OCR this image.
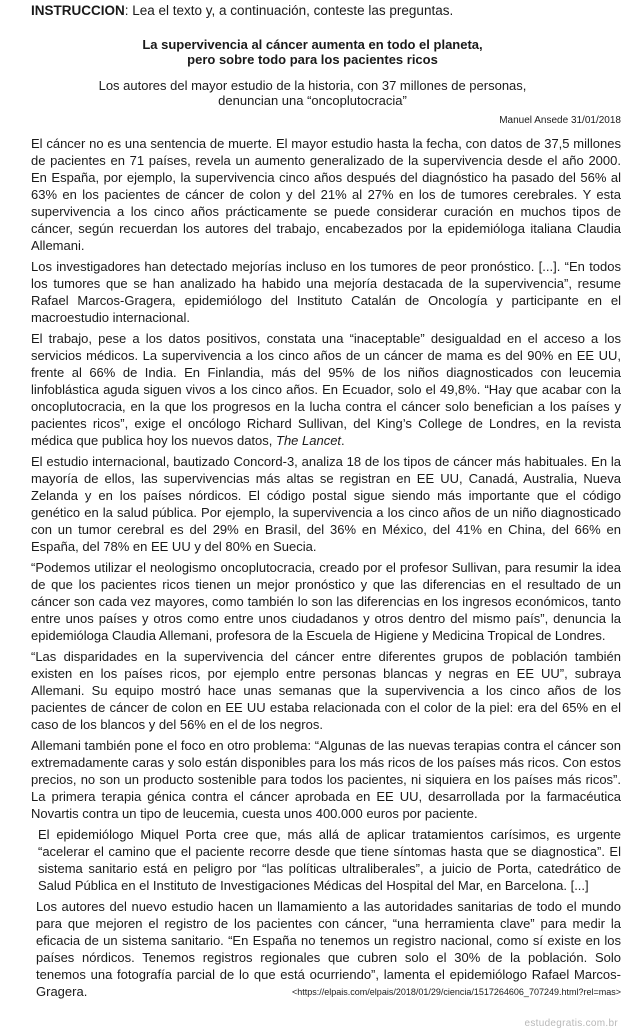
INSTRUCCION: Lea el texto y, a continuación, conteste las preguntas.
La supervivencia al cáncer aumenta en todo el planeta,
pero sobre todo para los pacientes ricos
Los autores del mayor estudio de la historia, con 37 millones de personas,
denuncian una “oncoplutocracia”
Manuel Ansede 31/01/2018

El cáncer no es una sentencia de muerte. El mayor estudio hasta la fecha, con datos de 37,5 millones de pacientes en 71 países, revela un aumento generalizado de la supervivencia desde el año 2000. En España, por ejemplo, la supervivencia cinco años después del diagnóstico ha pasado del 56% al 63% en los pacientes de cáncer de colon y del 21% al 27% en los de tumores cerebrales. Y esta supervivencia a los cinco años prácticamente se puede considerar curación en muchos tipos de cáncer, según recuerdan los autores del trabajo, encabezados por la epidemióloga italiana Claudia Allemani.

Los investigadores han detectado mejorías incluso en los tumores de peor pronóstico. [...]. “En todos los tumores que se han analizado ha habido una mejoría destacada de la supervivencia”, resume Rafael Marcos-Gragera, epidemiólogo del Instituto Catalán de Oncología y participante en el macroestudio internacional.

El trabajo, pese a los datos positivos, constata una “inaceptable” desigualdad en el acceso a los servicios médicos. La supervivencia a los cinco años de un cáncer de mama es del 90% en EE UU, frente al 66% de India. En Finlandia, más del 95% de los niños diagnosticados con leucemia linfoblástica aguda siguen vivos a los cinco años. En Ecuador, solo el 49,8%. “Hay que acabar con la oncoplutocracia, en la que los progresos en la lucha contra el cáncer solo benefician a los países y pacientes ricos”, exige el oncólogo Richard Sullivan, del King’s College de Londres, en la revista médica que publica hoy los nuevos datos, The Lancet.

El estudio internacional, bautizado Concord-3, analiza 18 de los tipos de cáncer más habituales. En la mayoría de ellos, las supervivencias más altas se registran en EE UU, Canadá, Australia, Nueva Zelanda y en los países nórdicos. El código postal sigue siendo más importante que el código genético en la salud pública. Por ejemplo, la supervivencia a los cinco años de un niño diagnosticado con un tumor cerebral es del 29% en Brasil, del 36% en México, del 41% en China, del 66% en España, del 78% en EE UU y del 80% en Suecia.

“Podemos utilizar el neologismo oncoplutocracia, creado por el profesor Sullivan, para resumir la idea de que los pacientes ricos tienen un mejor pronóstico y que las diferencias en el resultado de un cáncer son cada vez mayores, como también lo son las diferencias en los ingresos económicos, tanto entre unos países y otros como entre unos ciudadanos y otros dentro del mismo país”, denuncia la epidemióloga Claudia Allemani, profesora de la Escuela de Higiene y Medicina Tropical de Londres.

“Las disparidades en la supervivencia del cáncer entre diferentes grupos de población también existen en los países ricos, por ejemplo entre personas blancas y negras en EE UU”, subraya Allemani. Su equipo mostró hace unas semanas que la supervivencia a los cinco años de los pacientes de cáncer de colon en EE UU estaba relacionada con el color de la piel: era del 65% en el caso de los blancos y del 56% en el de los negros.

Allemani también pone el foco en otro problema: “Algunas de las nuevas terapias contra el cáncer son extremadamente caras y solo están disponibles para los más ricos de los países más ricos. Con estos precios, no son un producto sostenible para todos los pacientes, ni siquiera en los países más ricos”. La primera terapia génica contra el cáncer aprobada en EE UU, desarrollada por la farmacéutica Novartis contra un tipo de leucemia, cuesta unos 400.000 euros por paciente.

El epidemiólogo Miquel Porta cree que, más allá de aplicar tratamientos carísimos, es urgente “acelerar el camino que el paciente recorre desde que tiene síntomas hasta que se diagnostica”. El sistema sanitario está en peligro por “las políticas ultraliberales”, a juicio de Porta, catedrático de Salud Pública en el Instituto de Investigaciones Médicas del Hospital del Mar, en Barcelona. [...]

Los autores del nuevo estudio hacen un llamamiento a las autoridades sanitarias de todo el mundo para que mejoren el registro de los pacientes con cáncer, “una herramienta clave” para medir la eficacia de un sistema sanitario. “En España no tenemos un registro nacional, como sí existe en los países nórdicos. Tenemos registros regionales que cubren solo el 30% de la población. Solo tenemos una fotografía parcial de lo que está ocurriendo”, lamenta el epidemiólogo Rafael Marcos-Gragera.	<https://elpais.com/elpais/2018/01/29/ciencia/1517264606_707249.html?rel=mas>
estudegratis.com.br
